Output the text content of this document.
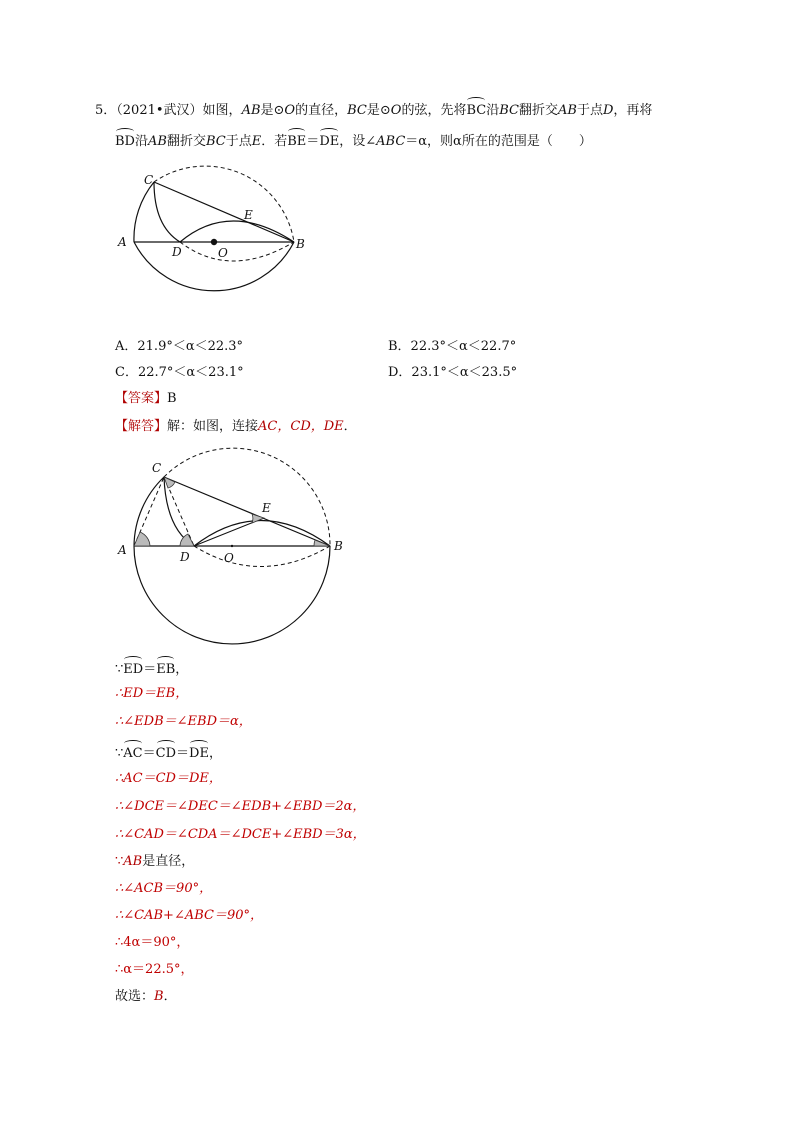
5．（2021•武汉）如图，AB是⊙O的直径，BC是⊙O的弦，先将BC沿BC翻折交AB于点D，再将
BD沿AB翻折交BC于点E．若BE＝DE，设∠ABC＝α，则α所在的范围是（　　）
A	B
C
D
E
O
A．21.9°＜α＜22.3°	B．22.3°＜α＜22.7°
C．22.7°＜α＜23.1°	D．23.1°＜α＜23.5°
【答案】B
【解答】解：如图，连接AC，CD，DE．
A	B
C
D
E
O
∵ED＝EB，
∴ED＝EB，
∴∠EDB＝∠EBD＝α，
∵AC＝CD＝DE，
∴AC＝CD＝DE，
∴∠DCE＝∠DEC＝∠EDB+∠EBD＝2α，
∴∠CAD＝∠CDA＝∠DCE+∠EBD＝3α，
∵AB是直径，
∴∠ACB＝90°，
∴∠CAB+∠ABC＝90°，
∴4α＝90°，
∴α＝22.5°，
故选：B．
